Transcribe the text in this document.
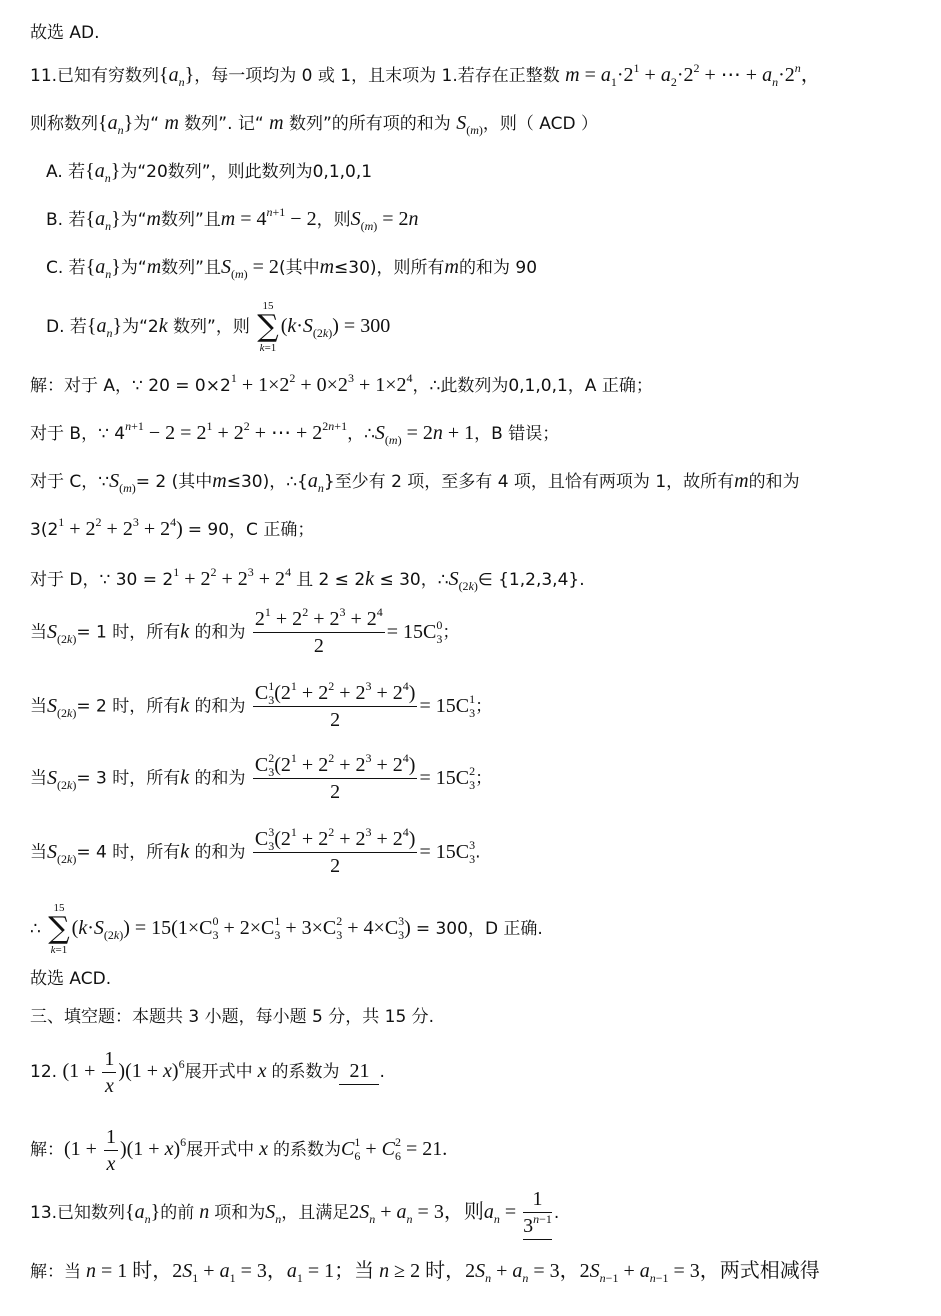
故选 AD.
11.已知有穷数列$\{a_n\}$，每一项均为 0 或 1，且末项为 1.若存在正整数 $m = a_1\cdot 2^1 + a_2\cdot 2^2$ + ⋯ + $a_n\cdot 2^n$，
则称数列$\{a_n\}$为“ m 数列”. 记“ m 数列”的所有项的和为 $S_{(m)}$，则（ ACD ）
A. 若$\{a_n\}$为“20数列”，则此数列为0,1,0,1
B. 若$\{a_n\}$为“m数列”且$m = 4^{n+1} - 2$，则$S_{(m)} = 2n$
C. 若$\{a_n\}$为“m数列”且$S_{(m)} = 2$(其中m≤30)，则所有m的和为 90
D. 若$\{a_n\}$为“2k 数列”，则
15
∑
k=1
$(k\cdot S_{(2k)}) = 300$
解：对于 A，∵ $20 = 0\times 2^1 + 1\times 2^2 + 0\times 2^3 + 1\times 2^4$，∴此数列为0,1,0,1，A 正确；
对于 B，∵ $4^{n+1} - 2 = 2^1 + 2^2$ + ⋯ + $2^{2n+1}$，$\therefore S_{(m)} = 2n + 1$，B 错误；
对于 C，$\because S_{(m)}= 2$ (其中m≤30)，$\therefore\{a_n\}$至少有 2 项，至多有 4 项，且恰有两项为 1，故所有m的和为
$3(2^1 + 2^2 + 2^3 + 2^4) = 90$，C 正确；
对于 D，∵ $30 = 2^1 + 2^2 + 2^3 + 2^4$ 且 2 ≤ 2k ≤ 30，$\therefore S_{(2k)}\in$ {1,2,3,4}.
当$S_{(2k)}= 1$ 时，所有k 的和为 $\frac{2^1 + 2^2 + 2^3 + 2^4}{2} = 15C_3^0$；
当$S_{(2k)}= 2$ 时，所有k 的和为 $\frac{C_3^1(2^1 + 2^2 + 2^3 + 2^4)}{2} = 15C_3^1$；
当$S_{(2k)}= 3$ 时，所有k 的和为 $\frac{C_3^2(2^1 + 2^2 + 2^3 + 2^4)}{2} = 15C_3^2$；
当$S_{(2k)}= 4$ 时，所有k 的和为 $\frac{C_3^3(2^1 + 2^2 + 2^3 + 2^4)}{2} = 15C_3^3$.
∴
15
∑
k=1
$(k\cdot S_{(2k)}) = 15(1\times C_3^0 + 2\times C_3^1 + 3\times C_3^2 + 4\times C_3^3) = 300$，D 正确.
故选 ACD.
三、填空题：本题共 3 小题，每小题 5 分，共 15 分.
12. $(1 + \frac{1}{x} )(1 + x)^6$展开式中 x 的系数为 21 .
解：$(1 + \frac{1}{x} )(1 + x)^6$展开式中 x 的系数为$C_6^1 + C_6^2 = 21$.
13.已知数列$\{a_n\}$的前 n 项和为$S_n$，且满足$2S_n + a_n = 3$，则$a_n = \frac{1}{3^{n-1}}$ .
解：当 n = 1 时，$2S_1 + a_1 = 3$，$a_1 = 1$；当 n ≥ 2 时，$2S_n + a_n = 3$，$2S_{n-1} + a_{n-1} = 3$，两式相减得
